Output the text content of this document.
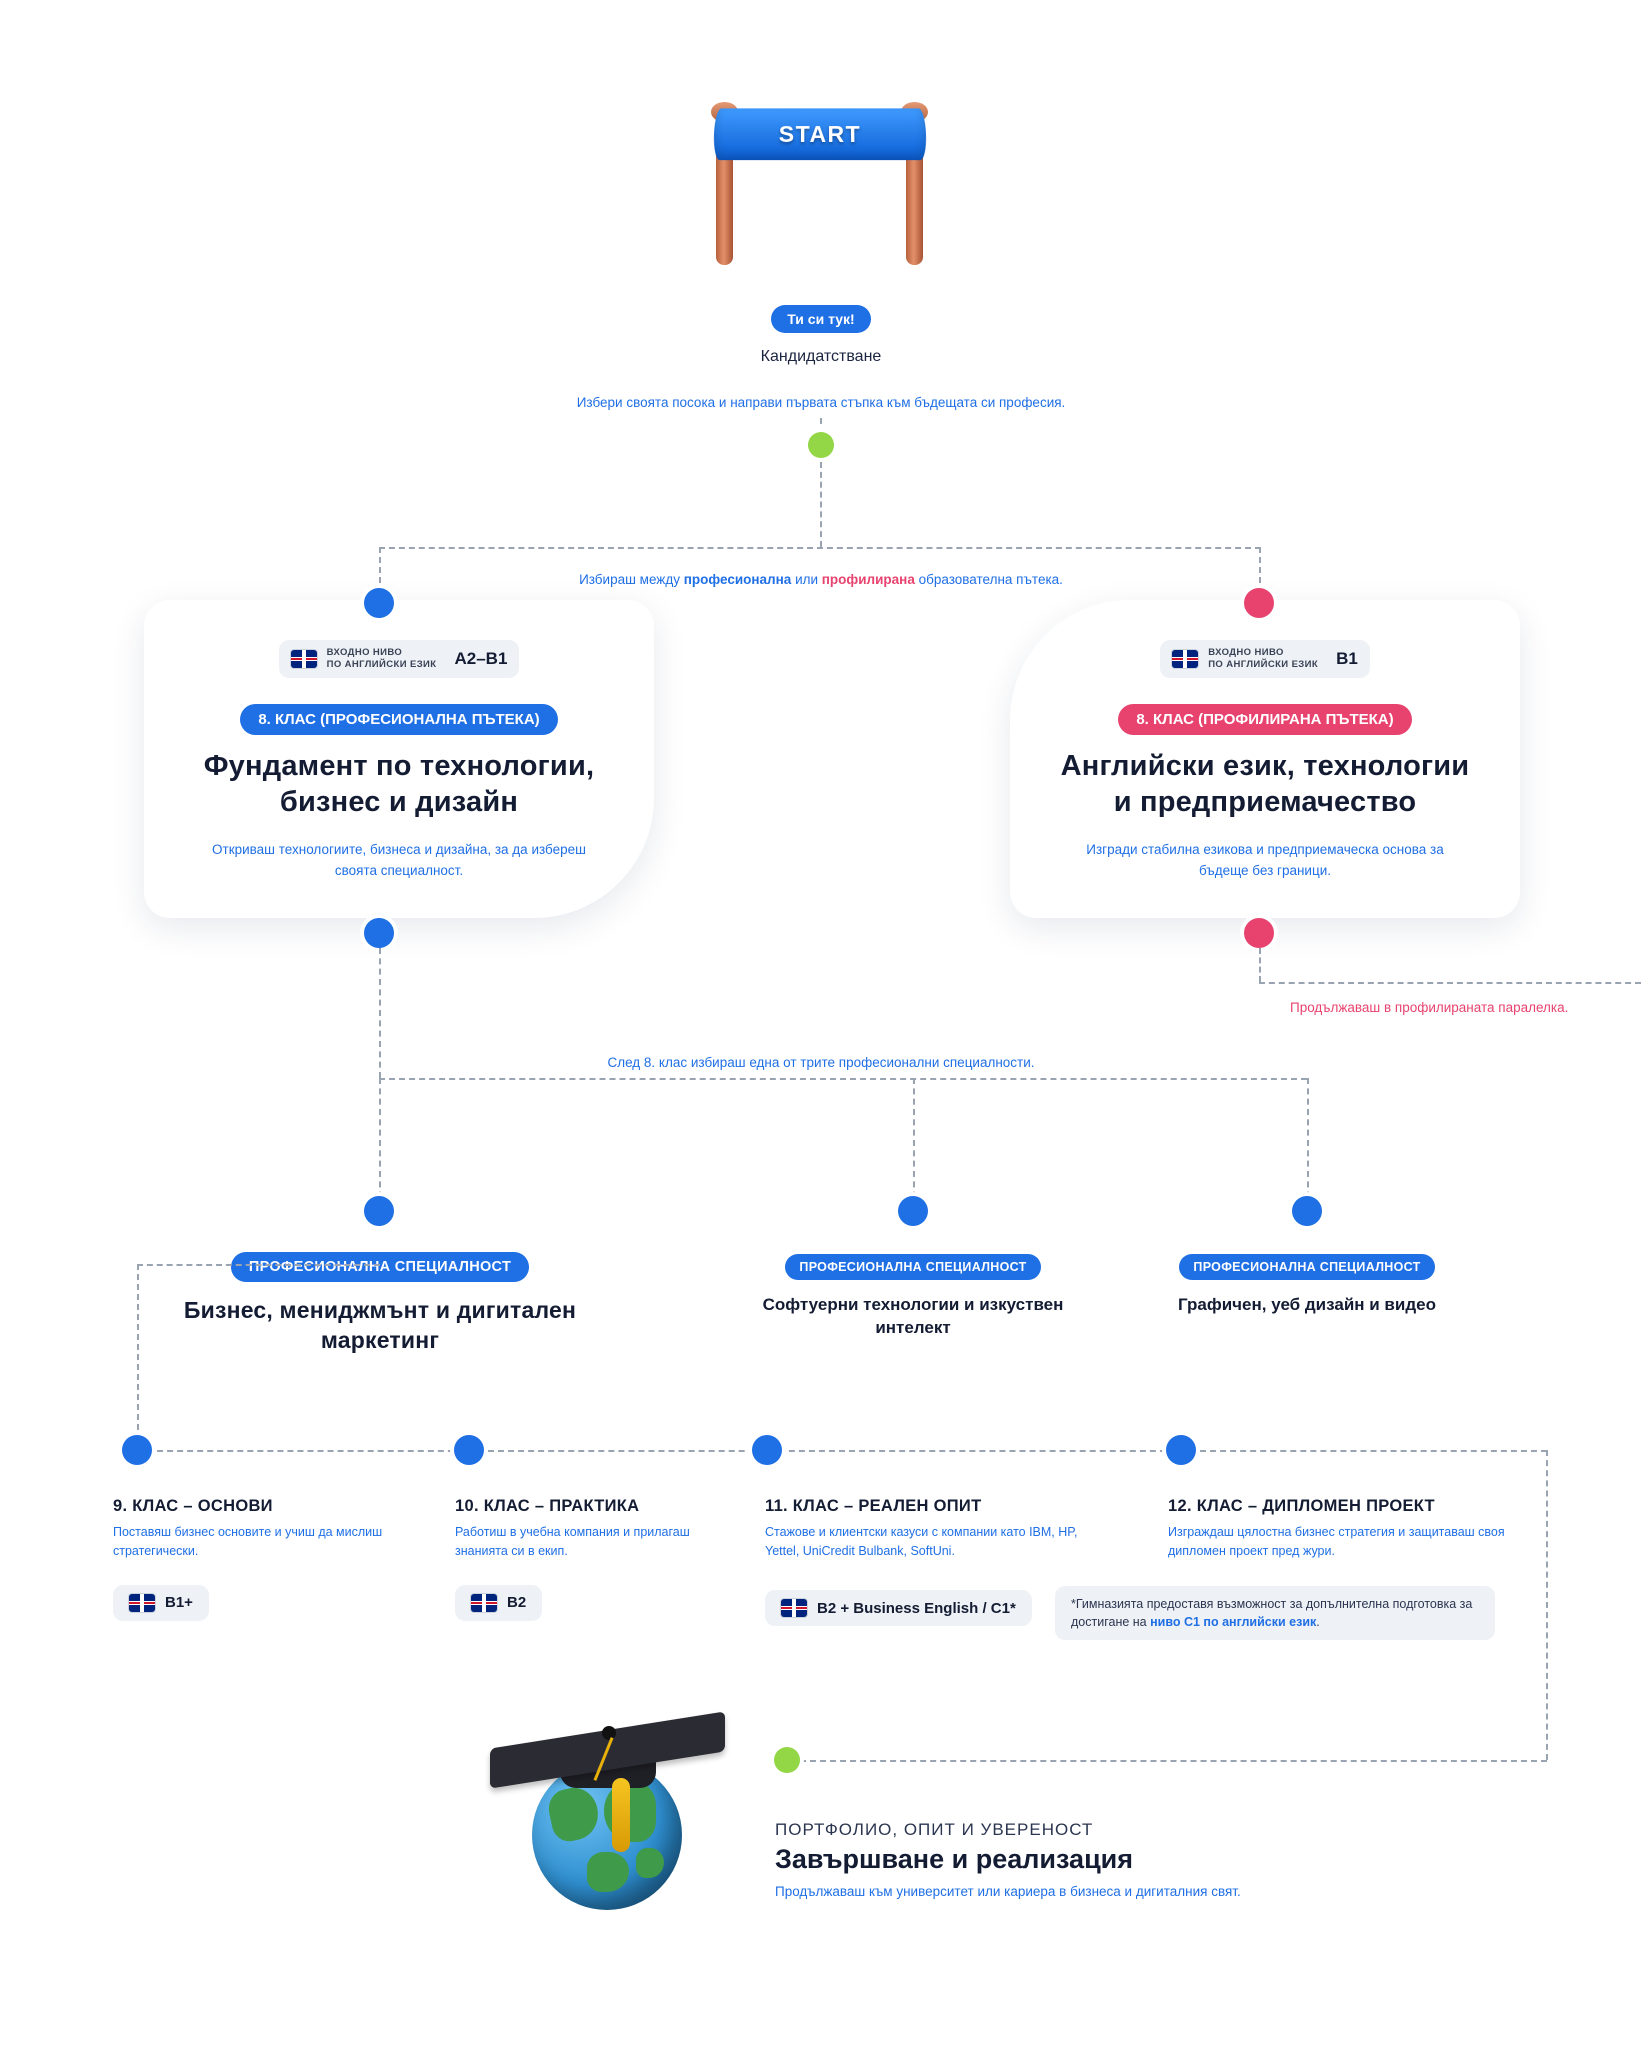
START
Ти си тук!
Кандидатстване
Избери своята посока и направи първата стъпка към бъдещата си професия.
Избираш между професионална или профилирана образователна пътека.
ВХОДНО НИВО
ПО АНГЛИЙСКИ ЕЗИК A2–B1
8. КЛАС (ПРОФЕСИОНАЛНА ПЪТЕКА)
Фундамент по технологии, бизнес и дизайн
Откриваш технологиите, бизнеса и дизайна, за да избереш своята специалност.
ВХОДНО НИВО
ПО АНГЛИЙСКИ ЕЗИК B1
8. КЛАС (ПРОФИЛИРАНА ПЪТЕКА)
Английски език, технологии и предприемачество
Изгради стабилна езикова и предприемаческа основа за бъдеще без граници.
Продължаваш в профилираната паралелка.
След 8. клас избираш една от трите професионални специалности.
ПРОФЕСИОНАЛНА СПЕЦИАЛНОСТ
Бизнес, мениджмънт и дигитален маркетинг
ПРОФЕСИОНАЛНА СПЕЦИАЛНОСТ
Софтуерни технологии и изкуствен интелект
ПРОФЕСИОНАЛНА СПЕЦИАЛНОСТ
Графичен, уеб дизайн и видео
9. КЛАС – ОСНОВИ

Поставяш бизнес основите и учиш да мислиш стратегически.

B1+
10. КЛАС – ПРАКТИКА

Работиш в учебна компания и прилагаш знанията си в екип.

B2
11. КЛАС – РЕАЛЕН ОПИТ

Стажове и клиентски казуси с компании като IBM, HP, Yettel, UniCredit Bulbank, SoftUni.

B2 + Business English / C1*	*Гимназията предоставя възможност за допълнителна подготовка за достигане на ниво C1 по английски език.
12. КЛАС – ДИПЛОМЕН ПРОЕКТ

Изграждаш цялостна бизнес стратегия и защитаваш своя дипломен проект пред жури.

ПОРТФОЛИО, ОПИТ И УВЕРЕНОСТ
Завършване и реализация
Продължаваш към университет или кариера в бизнеса и дигиталния свят.
